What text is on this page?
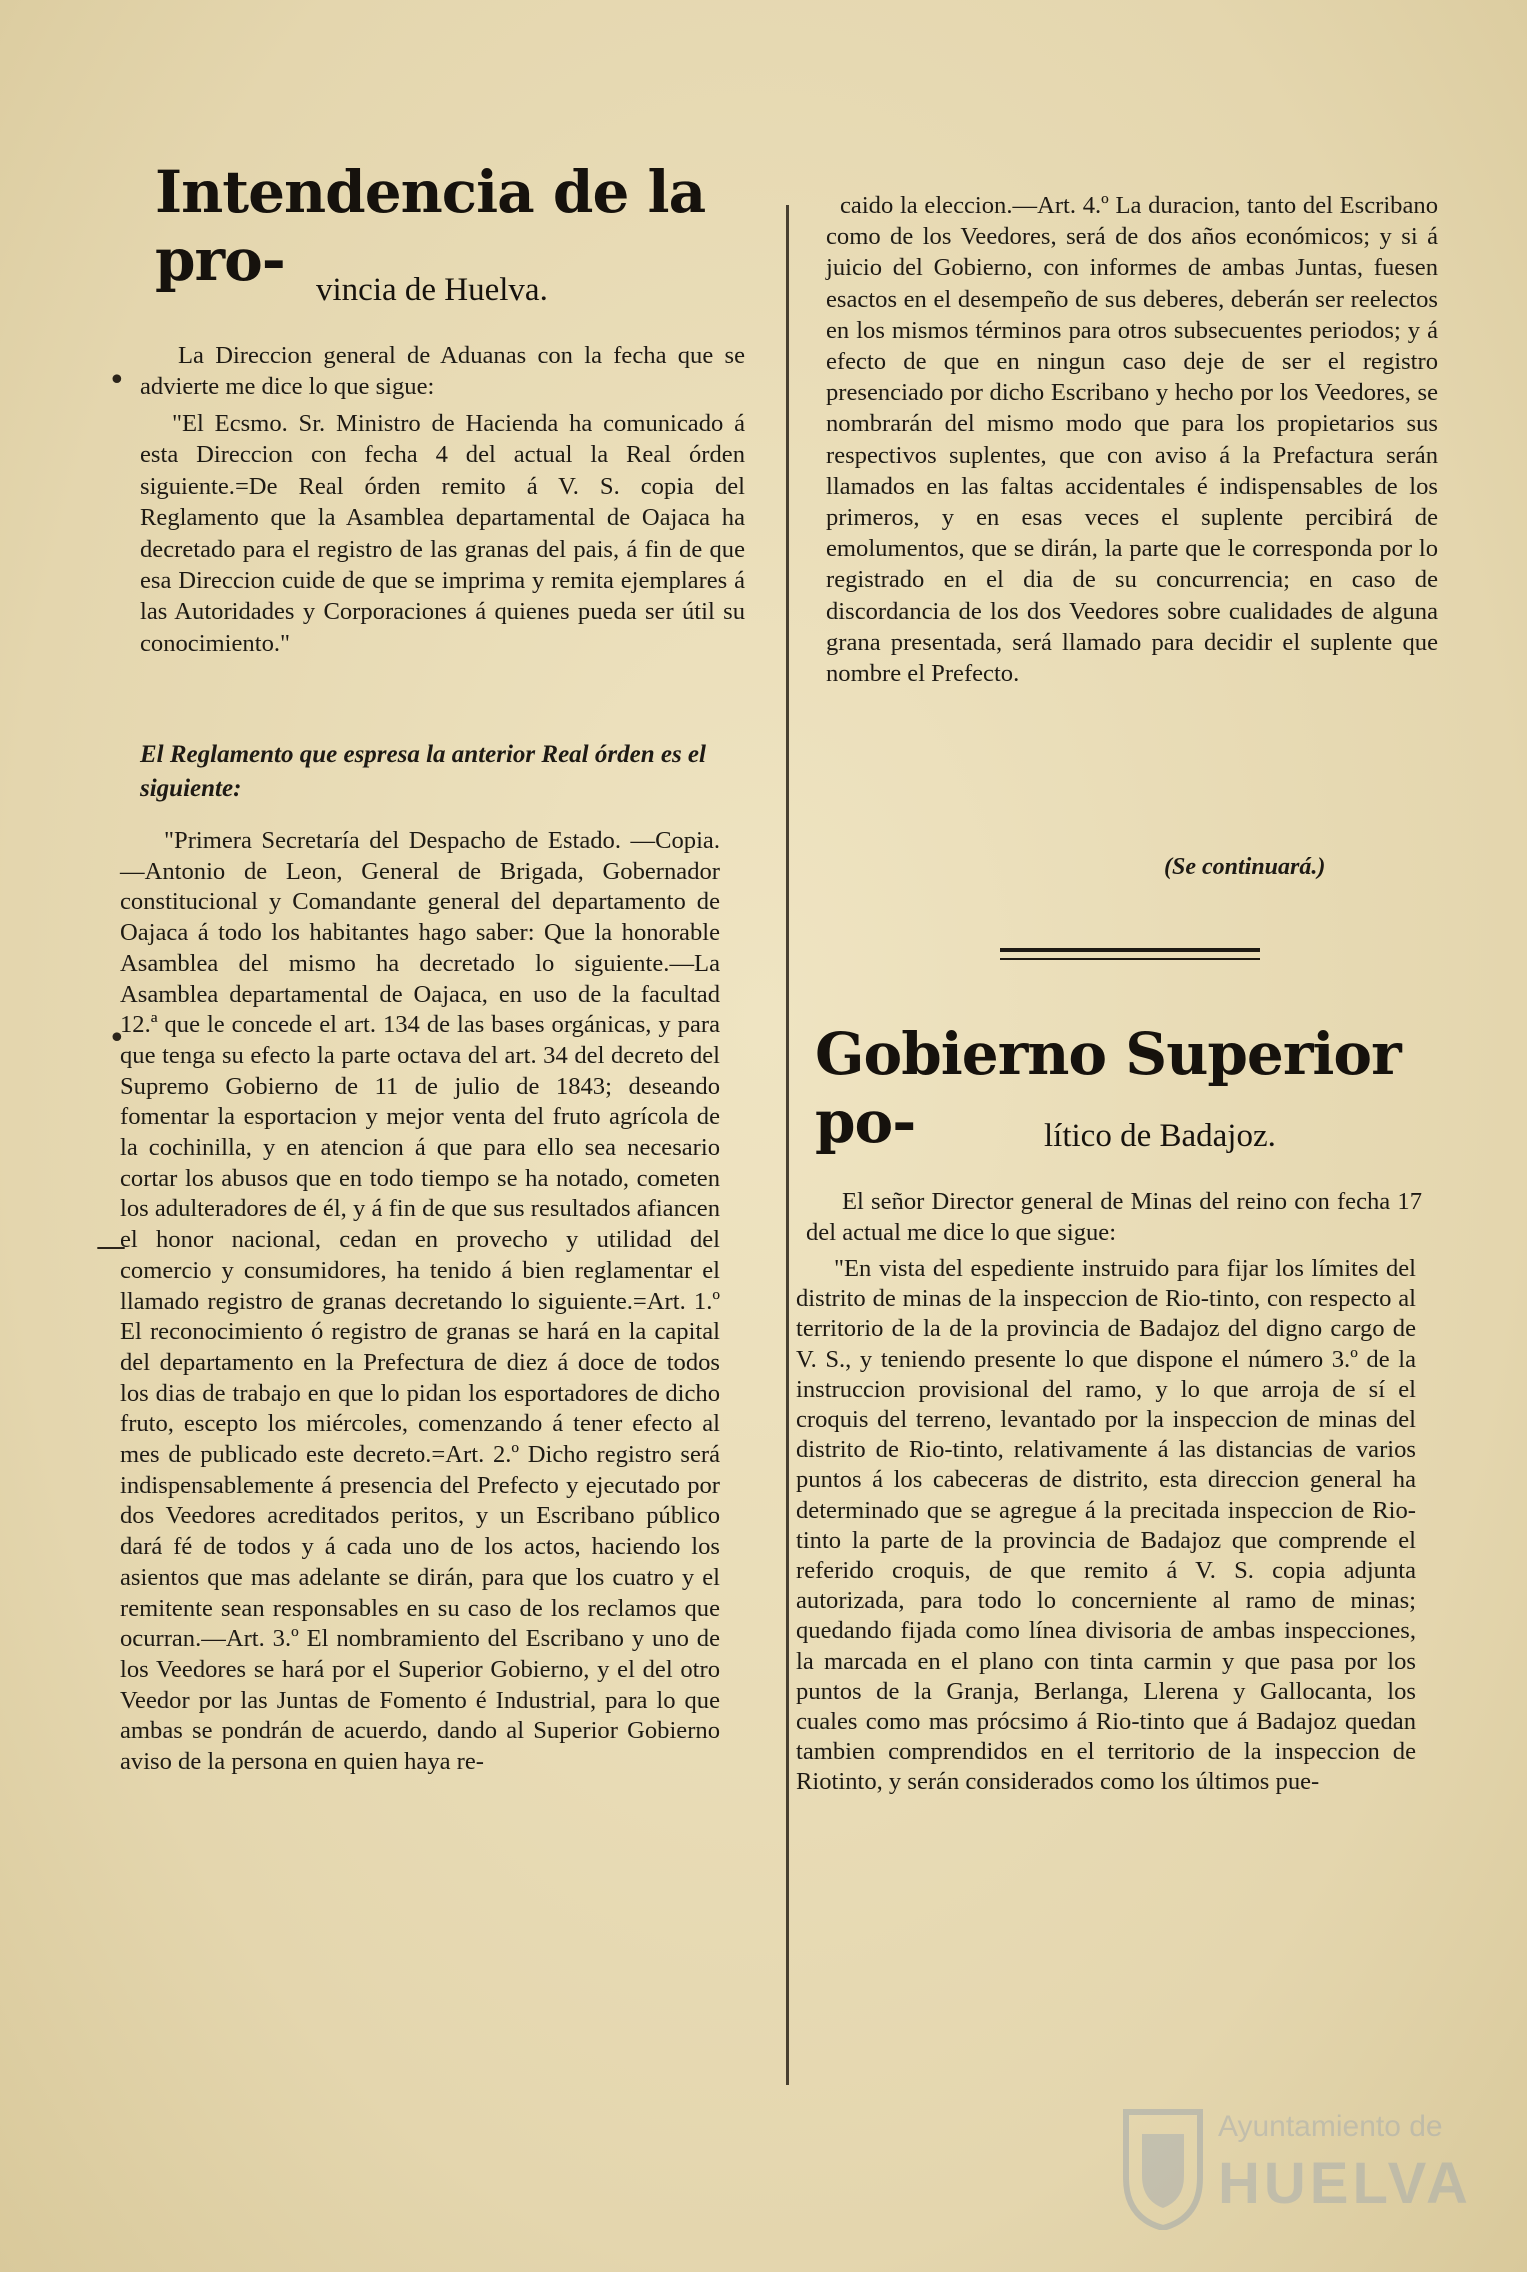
Intendencia de la pro- vincia de Huelva.
La Direccion general de Aduanas con la fecha que se advierte me dice lo que sigue:
"El Ecsmo. Sr. Ministro de Hacienda ha comunicado á esta Direccion con fecha 4 del actual la Real órden siguiente.=De Real órden remito á V. S. copia del Reglamento que la Asamblea departamental de Oajaca ha decretado para el registro de las granas del pais, á fin de que esa Direccion cuide de que se imprima y remita ejemplares á las Autoridades y Corporaciones á quienes pueda ser útil su conocimiento."
El Reglamento que espresa la anterior Real órden es el siguiente:
"Primera Secretaría del Despacho de Estado. —Copia.—Antonio de Leon, General de Brigada, Gobernador constitucional y Comandante general del departamento de Oajaca á todo los habitantes hago saber: Que la honorable Asamblea del mismo ha decretado lo siguiente.—La Asamblea departamental de Oajaca, en uso de la facultad 12.ª que le concede el art. 134 de las bases orgánicas, y para que tenga su efecto la parte octava del art. 34 del decreto del Supremo Gobierno de 11 de julio de 1843; deseando fomentar la esportacion y mejor venta del fruto agrícola de la cochinilla, y en atencion á que para ello sea necesario cortar los abusos que en todo tiempo se ha notado, cometen los adulteradores de él, y á fin de que sus resultados afiancen el honor nacional, cedan en provecho y utilidad del comercio y consumidores, ha tenido á bien reglamentar el llamado registro de granas decretando lo siguiente.=Art. 1.º El reconocimiento ó registro de granas se hará en la capital del departamento en la Prefectura de diez á doce de todos los dias de trabajo en que lo pidan los esportadores de dicho fruto, escepto los miércoles, comenzando á tener efecto al mes de publicado este decreto.=Art. 2.º Dicho registro será indispensablemente á presencia del Prefecto y ejecutado por dos Veedores acreditados peritos, y un Escribano público dará fé de todos y á cada uno de los actos, haciendo los asientos que mas adelante se dirán, para que los cuatro y el remitente sean responsables en su caso de los reclamos que ocurran.—Art. 3.º El nombramiento del Escribano y uno de los Veedores se hará por el Superior Gobierno, y el del otro Veedor por las Juntas de Fomento é Industrial, para lo que ambas se pondrán de acuerdo, dando al Superior Gobierno aviso de la persona en quien haya re-
•
•
—
caido la eleccion.—Art. 4.º La duracion, tanto del Escribano como de los Veedores, será de dos años económicos; y si á juicio del Gobierno, con informes de ambas Juntas, fuesen esactos en el desempeño de sus deberes, deberán ser reelectos en los mismos términos para otros subsecuentes periodos; y á efecto de que en ningun caso deje de ser el registro presenciado por dicho Escribano y hecho por los Veedores, se nombrarán del mismo modo que para los propietarios sus respectivos suplentes, que con aviso á la Prefactura serán llamados en las faltas accidentales é indispensables de los primeros, y en esas veces el suplente percibirá de emolumentos, que se dirán, la parte que le corresponda por lo registrado en el dia de su concurrencia; en caso de discordancia de los dos Veedores sobre cualidades de alguna grana presentada, será llamado para decidir el suplente que nombre el Prefecto.
(Se continuará.)
Gobierno Superior po-	lítico de Badajoz.
El señor Director general de Minas del reino con fecha 17 del actual me dice lo que sigue:
"En vista del espediente instruido para fijar los límites del distrito de minas de la inspeccion de Rio-tinto, con respecto al territorio de la de la provincia de Badajoz del digno cargo de V. S., y teniendo presente lo que dispone el número 3.º de la instruccion provisional del ramo, y lo que arroja de sí el croquis del terreno, levantado por la inspeccion de minas del distrito de Rio-tinto, relativamente á las distancias de varios puntos á los cabeceras de distrito, esta direccion general ha determinado que se agregue á la precitada inspeccion de Rio-tinto la parte de la provincia de Badajoz que comprende el referido croquis, de que remito á V. S. copia adjunta autorizada, para todo lo concerniente al ramo de minas; quedando fijada como línea divisoria de ambas inspecciones, la marcada en el plano con tinta carmin y que pasa por los puntos de la Granja, Berlanga, Llerena y Gallocanta, los cuales como mas prócsimo á Rio-tinto que á Badajoz quedan tambien comprendidos en el territorio de la inspeccion de Riotinto, y serán considerados como los últimos pue-
Ayuntamiento de
HUELVA
